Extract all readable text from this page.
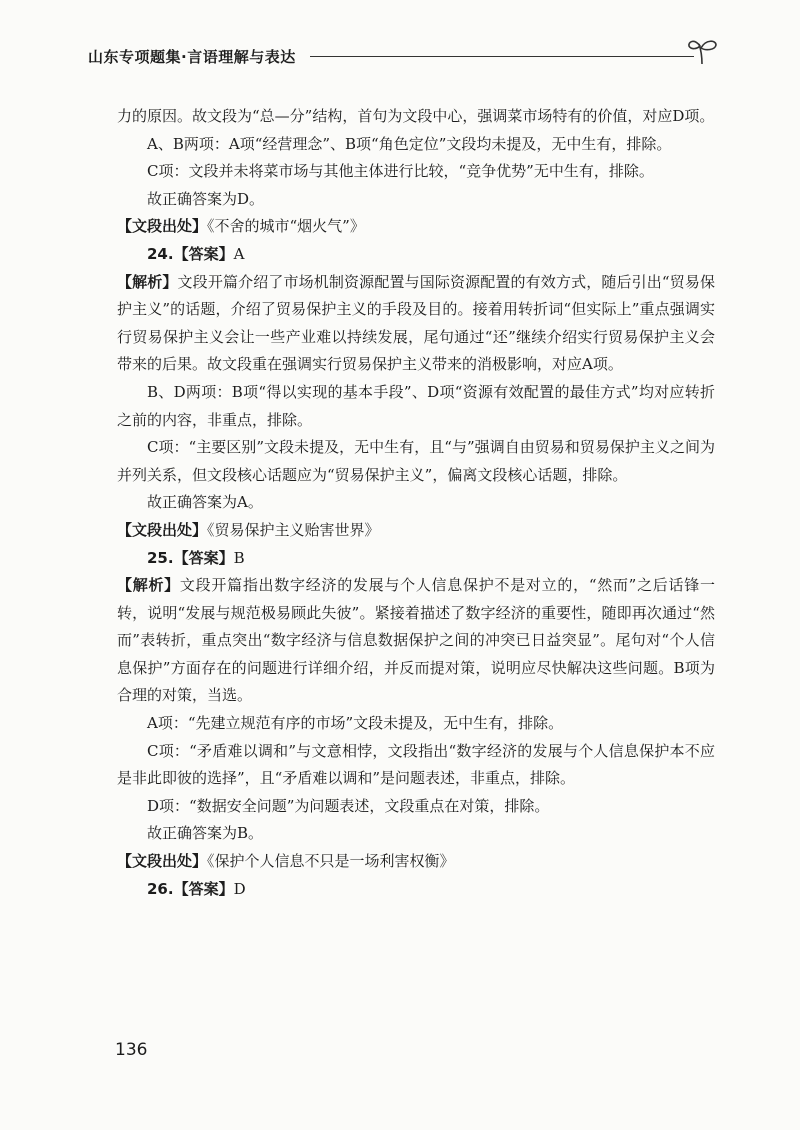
山东专项题集·言语理解与表达

力的原因。故文段为“总—分”结构，首句为文段中心，强调菜市场特有的价值，对应D项。

A、B两项：A项“经营理念”、B项“角色定位”文段均未提及，无中生有，排除。

C项：文段并未将菜市场与其他主体进行比较，“竞争优势”无中生有，排除。

故正确答案为D。

【文段出处】《不舍的城市“烟火气”》

24.【答案】A

【解析】文段开篇介绍了市场机制资源配置与国际资源配置的有效方式，随后引出“贸易保护主义”的话题，介绍了贸易保护主义的手段及目的。接着用转折词“但实际上”重点强调实行贸易保护主义会让一些产业难以持续发展，尾句通过“还”继续介绍实行贸易保护主义会带来的后果。故文段重在强调实行贸易保护主义带来的消极影响，对应A项。

B、D两项：B项“得以实现的基本手段”、D项“资源有效配置的最佳方式”均对应转折之前的内容，非重点，排除。

C项：“主要区别”文段未提及，无中生有，且“与”强调自由贸易和贸易保护主义之间为并列关系，但文段核心话题应为“贸易保护主义”，偏离文段核心话题，排除。

故正确答案为A。

【文段出处】《贸易保护主义贻害世界》

25.【答案】B

【解析】文段开篇指出数字经济的发展与个人信息保护不是对立的，“然而”之后话锋一转，说明“发展与规范极易顾此失彼”。紧接着描述了数字经济的重要性，随即再次通过“然而”表转折，重点突出“数字经济与信息数据保护之间的冲突已日益突显”。尾句对“个人信息保护”方面存在的问题进行详细介绍，并反而提对策，说明应尽快解决这些问题。B项为合理的对策，当选。

A项：“先建立规范有序的市场”文段未提及，无中生有，排除。

C项：“矛盾难以调和”与文意相悖，文段指出“数字经济的发展与个人信息保护本不应是非此即彼的选择”，且“矛盾难以调和”是问题表述，非重点，排除。

D项：“数据安全问题”为问题表述，文段重点在对策，排除。

故正确答案为B。

【文段出处】《保护个人信息不只是一场利害权衡》

26.【答案】D

136
